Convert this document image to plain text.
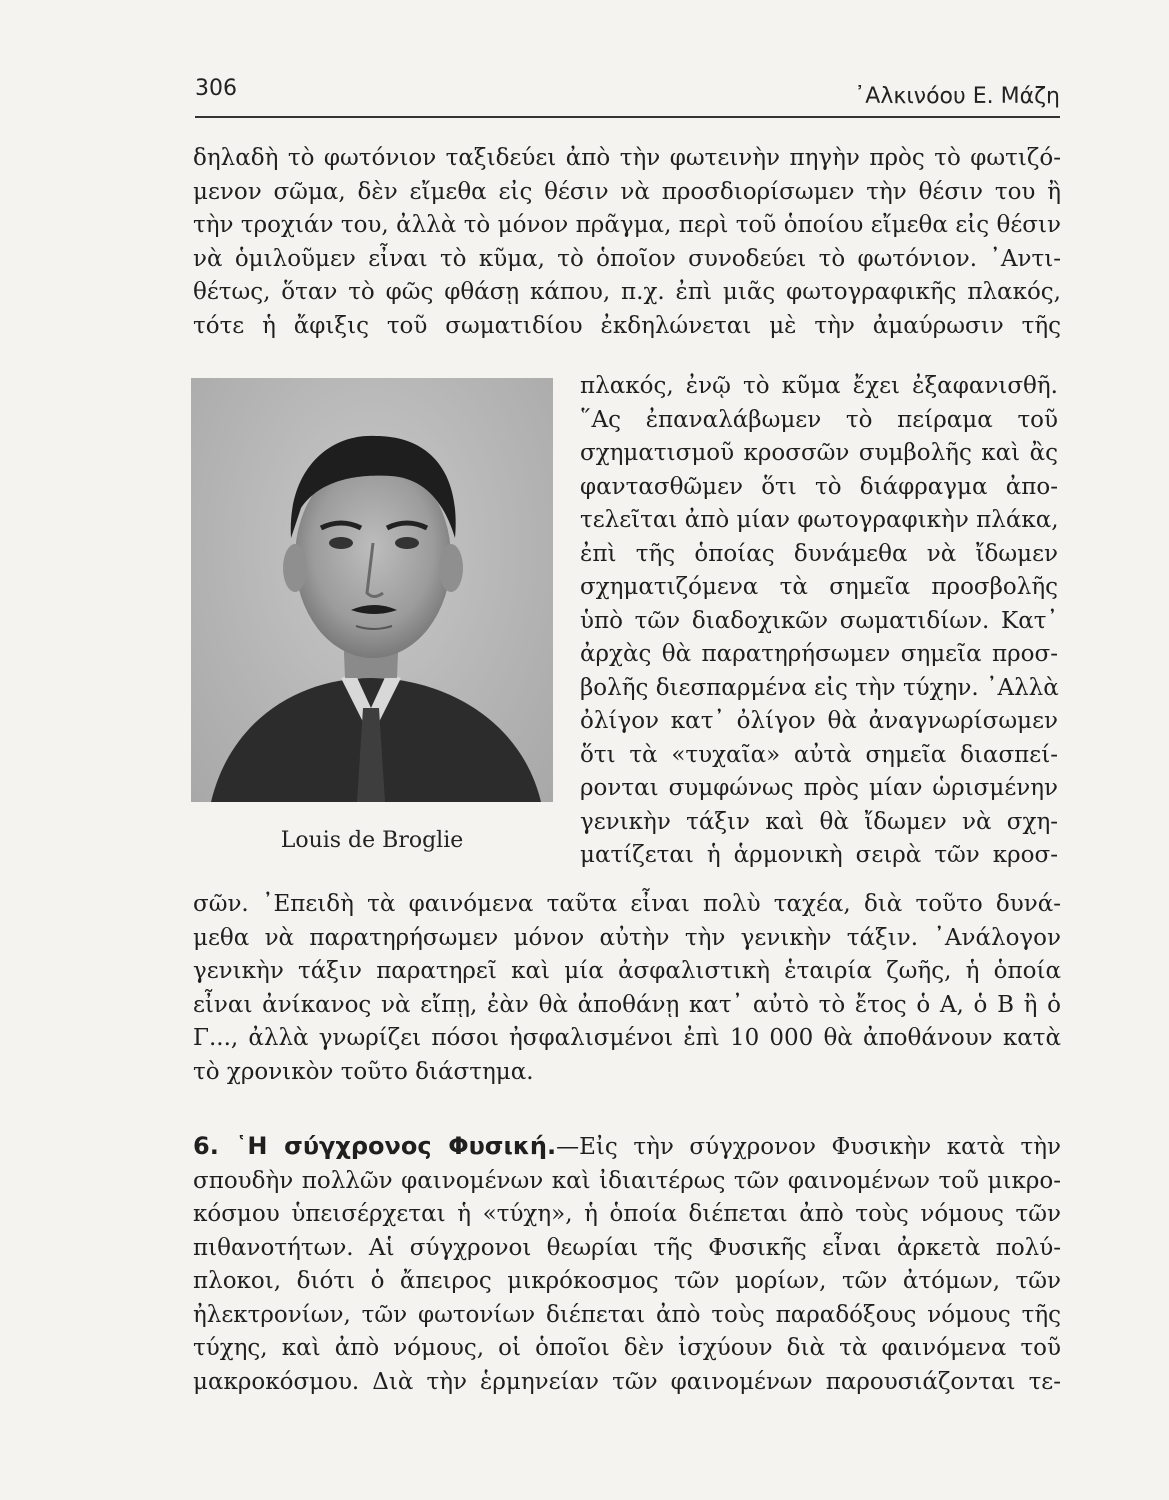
306	᾿Αλκινόου Ε. Μάζη

δηλαδὴ τὸ φωτόνιον ταξιδεύει ἀπὸ τὴν φωτεινὴν πηγὴν πρὸς τὸ φωτιζό-
μενον σῶμα, δὲν εἴμεθα εἰς θέσιν νὰ προσδιορίσωμεν τὴν θέσιν του ἢ
τὴν τροχιάν του, ἀλλὰ τὸ μόνον πρᾶγμα, περὶ τοῦ ὁποίου εἴμεθα εἰς θέσιν
νὰ ὁμιλοῦμεν εἶναι τὸ κῦμα, τὸ ὁποῖον συνοδεύει τὸ φωτόνιον. ᾿Αντι-
θέτως, ὅταν τὸ φῶς φθάσῃ κάπου, π.χ. ἐπὶ μιᾶς φωτογραφικῆς πλακός,
τότε ἡ ἄφιξις τοῦ σωματιδίου ἐκδηλώνεται μὲ τὴν ἀμαύρωσιν τῆς

Louis de Broglie

πλακός, ἐνῷ τὸ κῦμα ἔχει ἐξαφανισθῆ.
῞Ας ἐπαναλάβωμεν τὸ πείραμα τοῦ
σχηματισμοῦ κροσσῶν συμβολῆς καὶ ἂς
φαντασθῶμεν ὅτι τὸ διάφραγμα ἀπο-
τελεῖται ἀπὸ μίαν φωτογραφικὴν πλάκα,
ἐπὶ τῆς ὁποίας δυνάμεθα νὰ ἴδωμεν
σχηματιζόμενα τὰ σημεῖα προσβολῆς
ὑπὸ τῶν διαδοχικῶν σωματιδίων. Κατ᾿
ἀρχὰς θὰ παρατηρήσωμεν σημεῖα προσ-
βολῆς διεσπαρμένα εἰς τὴν τύχην. ᾿Αλλὰ
ὀλίγον κατ᾿ ὀλίγον θὰ ἀναγνωρίσωμεν
ὅτι τὰ «τυχαῖα» αὐτὰ σημεῖα διασπεί-
ρονται συμφώνως πρὸς μίαν ὡρισμένην
γενικὴν τάξιν καὶ θὰ ἴδωμεν νὰ σχη-
ματίζεται ἡ ἁρμονικὴ σειρὰ τῶν κροσ-

σῶν. ᾿Επειδὴ τὰ φαινόμενα ταῦτα εἶναι πολὺ ταχέα, διὰ τοῦτο δυνά-
μεθα νὰ παρατηρήσωμεν μόνον αὐτὴν τὴν γενικὴν τάξιν. ᾿Ανάλογον
γενικὴν τάξιν παρατηρεῖ καὶ μία ἀσφαλιστικὴ ἑταιρία ζωῆς, ἡ ὁποία
εἶναι ἀνίκανος νὰ εἴπῃ, ἐὰν θὰ ἀποθάνῃ κατ᾿ αὐτὸ τὸ ἔτος ὁ Α, ὁ Β ἢ ὁ
Γ..., ἀλλὰ γνωρίζει πόσοι ἠσφαλισμένοι ἐπὶ 10 000 θὰ ἀποθάνουν κατὰ
τὸ χρονικὸν τοῦτο διάστημα.

6. ῾Η σύγχρονος Φυσική.—Εἰς τὴν σύγχρονον Φυσικὴν κατὰ τὴν
σπουδὴν πολλῶν φαινομένων καὶ ἰδιαιτέρως τῶν φαινομένων τοῦ μικρο-
κόσμου ὑπεισέρχεται ἡ «τύχη», ἡ ὁποία διέπεται ἀπὸ τοὺς νόμους τῶν
πιθανοτήτων. Αἱ σύγχρονοι θεωρίαι τῆς Φυσικῆς εἶναι ἀρκετὰ πολύ-
πλοκοι, διότι ὁ ἄπειρος μικρόκοσμος τῶν μορίων, τῶν ἀτόμων, τῶν
ἠλεκτρονίων, τῶν φωτονίων διέπεται ἀπὸ τοὺς παραδόξους νόμους τῆς
τύχης, καὶ ἀπὸ νόμους, οἱ ὁποῖοι δὲν ἰσχύουν διὰ τὰ φαινόμενα τοῦ
μακροκόσμου. Διὰ τὴν ἑρμηνείαν τῶν φαινομένων παρουσιάζονται τε-
